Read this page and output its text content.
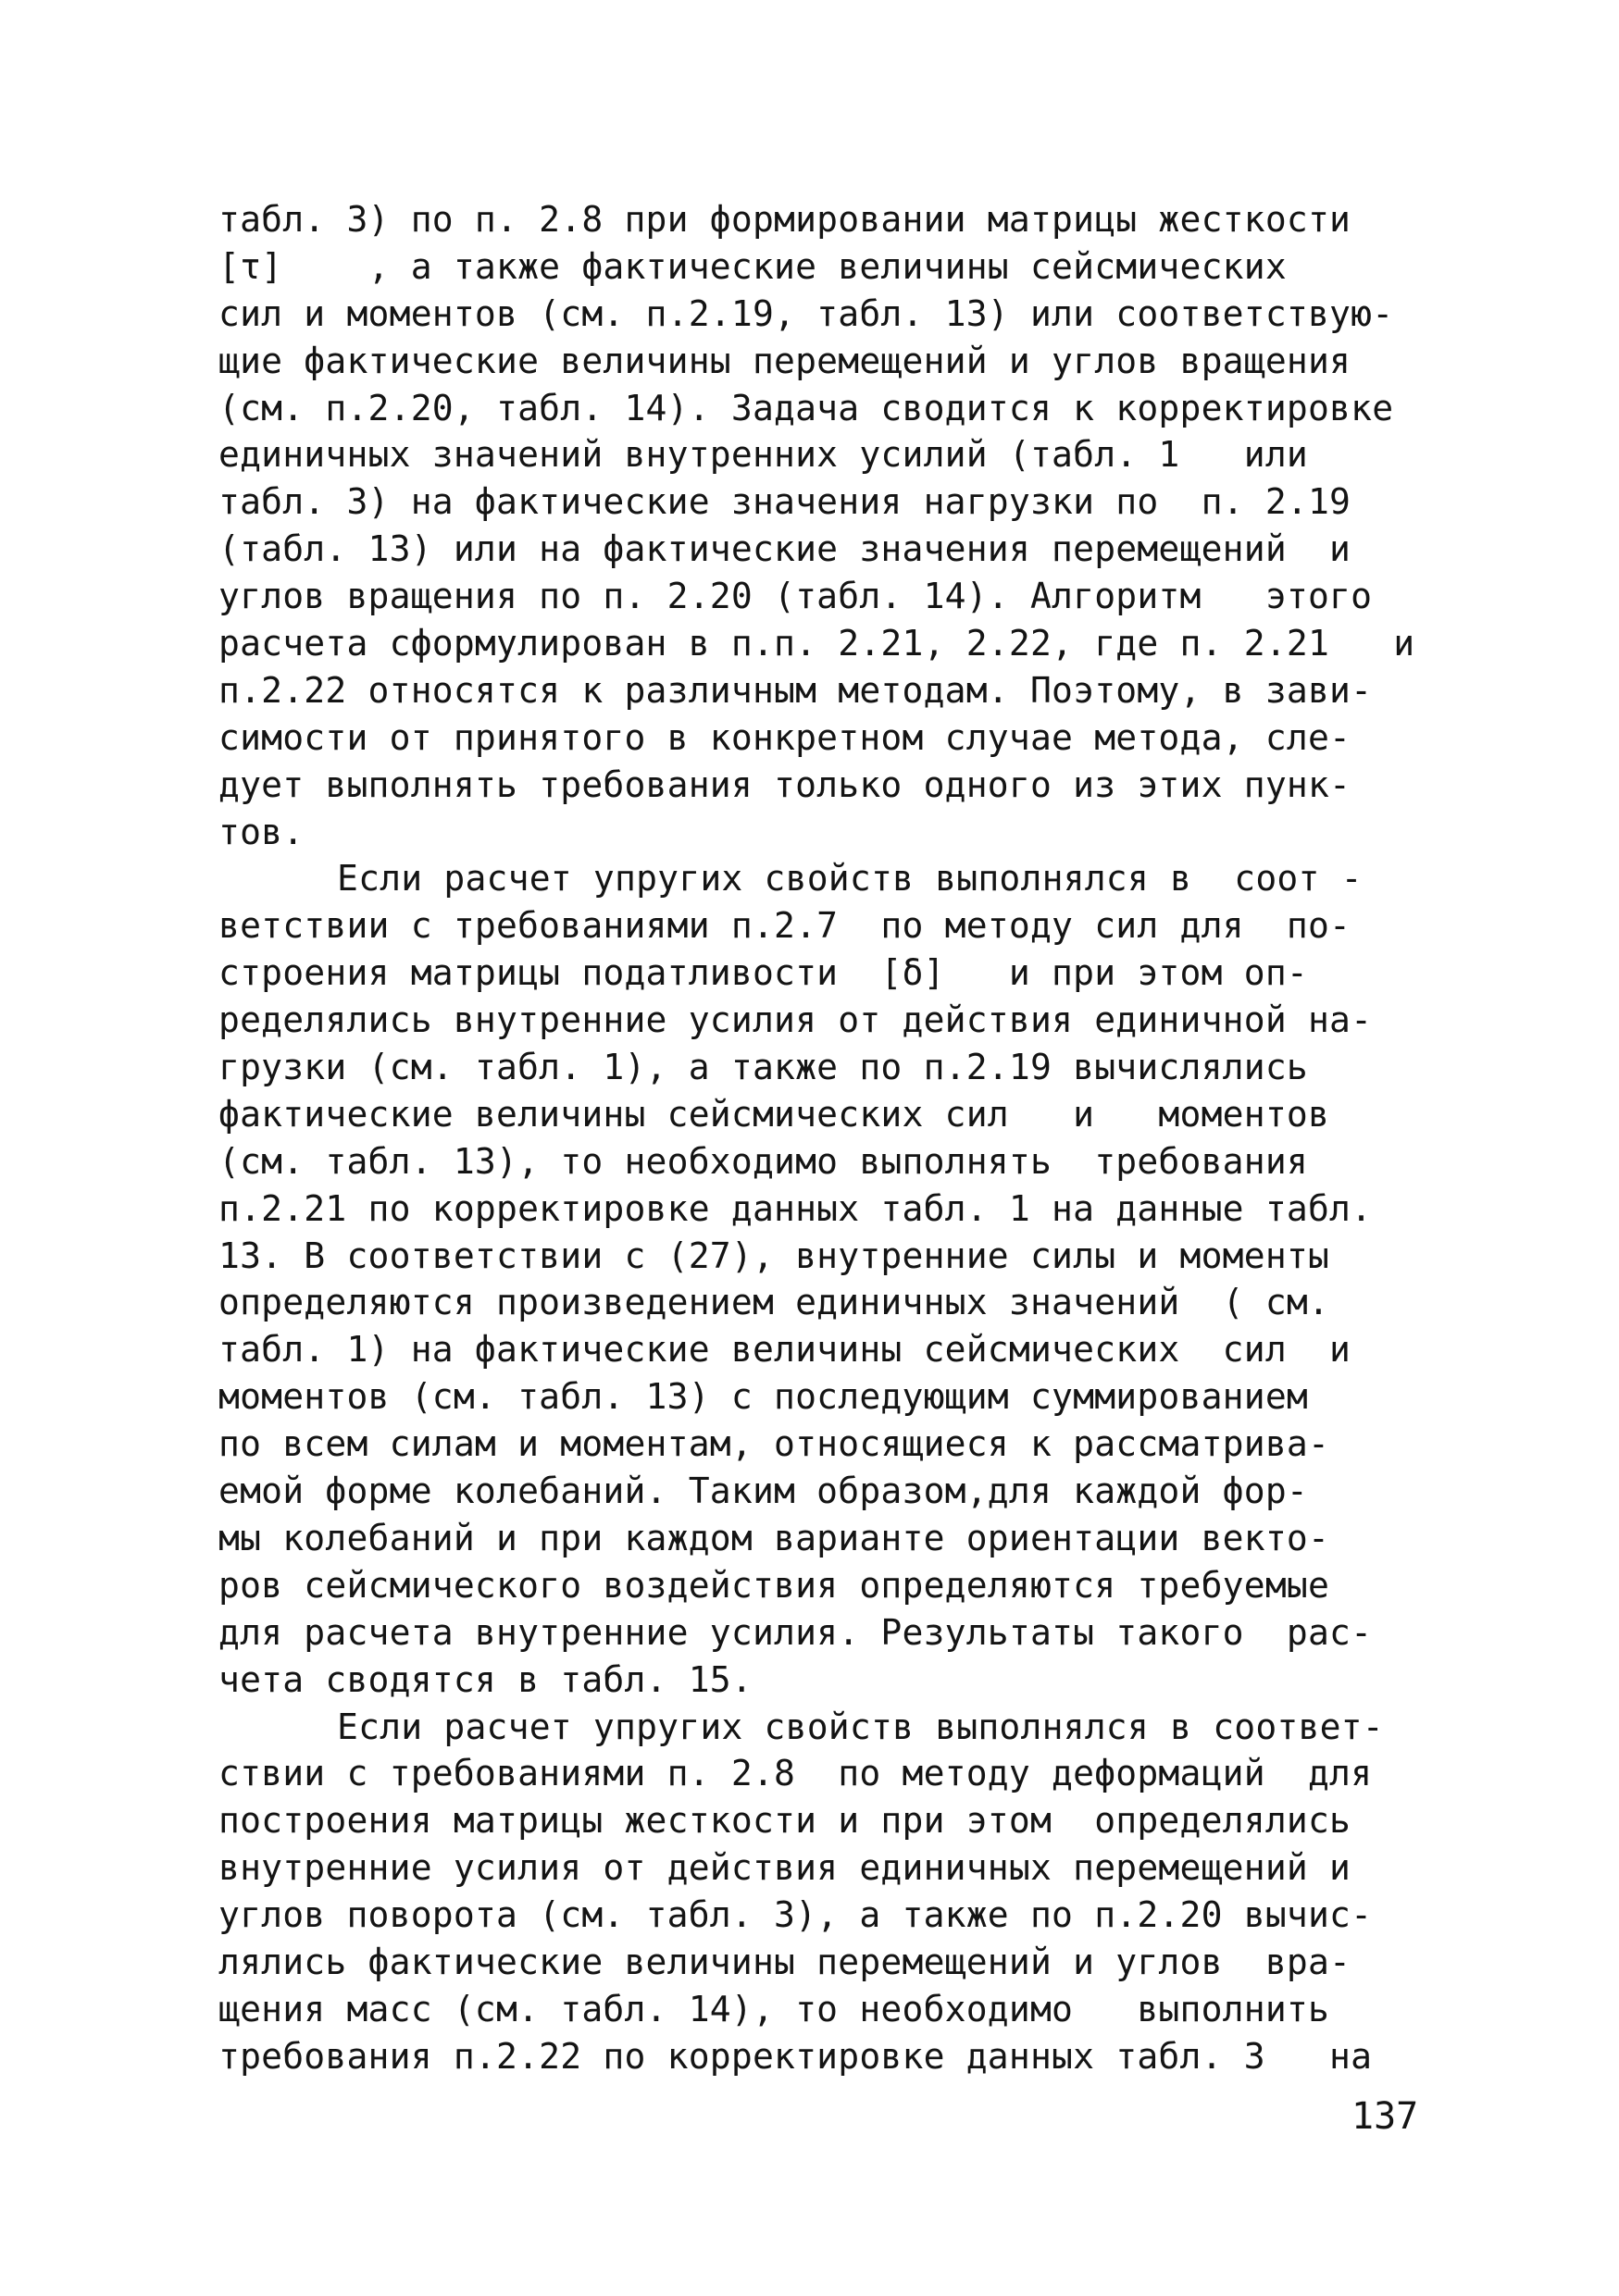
табл. 3) по п. 2.8 при формировании матрицы жесткости
[τ]    , а также фактические величины сейсмических
сил и моментов (см. п.2.19, табл. 13) или соответствую-
щие фактические величины перемещений и углов вращения
(см. п.2.20, табл. 14). Задача сводится к корректировке
единичных значений внутренних усилий (табл. 1   или
табл. 3) на фактические значения нагрузки по  п. 2.19
(табл. 13) или на фактические значения перемещений  и
углов вращения по п. 2.20 (табл. 14). Алгоритм   этого
расчета сформулирован в п.п. 2.21, 2.22, где п. 2.21   и
п.2.22 относятся к различным методам. Поэтому, в зави-
симости от принятого в конкретном случае метода, сле-
дует выполнять требования только одного из этих пунк-
тов.
Если расчет упругих свойств выполнялся в  соот -
ветствии с требованиями п.2.7  по методу сил для  по-
строения матрицы податливости  [δ]   и при этом оп-
ределялись внутренние усилия от действия единичной на-
грузки (см. табл. 1), а также по п.2.19 вычислялись
фактические величины сейсмических сил   и   моментов
(см. табл. 13), то необходимо выполнять  требования
п.2.21 по корректировке данных табл. 1 на данные табл.
13. В соответствии с (27), внутренние силы и моменты
определяются произведением единичных значений  ( см.
табл. 1) на фактические величины сейсмических  сил  и
моментов (см. табл. 13) с последующим суммированием
по всем силам и моментам, относящиеся к рассматрива-
емой форме колебаний. Таким образом,для каждой фор-
мы колебаний и при каждом варианте ориентации векто-
ров сейсмического воздействия определяются требуемые
для расчета внутренние усилия. Результаты такого  рас-
чета сводятся в табл. 15.
Если расчет упругих свойств выполнялся в соответ-
ствии с требованиями п. 2.8  по методу деформаций  для
построения матрицы жесткости и при этом  определялись
внутренние усилия от действия единичных перемещений и
углов поворота (см. табл. 3), а также по п.2.20 вычис-
лялись фактические величины перемещений и углов  вра-
щения масс (см. табл. 14), то необходимо   выполнить
требования п.2.22 по корректировке данных табл. 3   на
137
